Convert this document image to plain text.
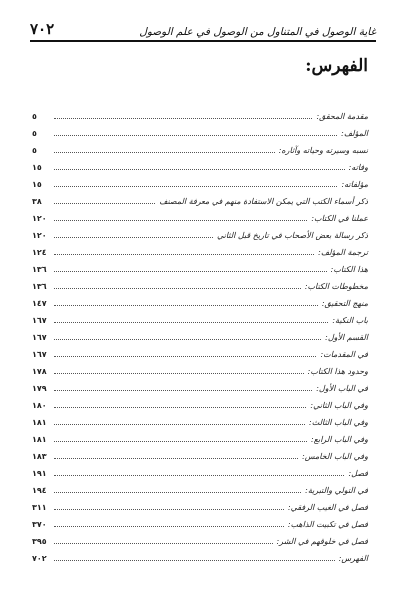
٧٠٢	غاية الوصول في المتناول من الوصول في علم الوصول
الفهرس:
مقدمة المحقق:
٥
المؤلف:
٥
نسبه وسيرته وحياته وآثاره:
٥
وفاته:
١٥
مؤلفاته:
١٥
ذكر أسماء الكتب التي يمكن الاستفادة منهم في معرفة المصنف
٣٨
عملنا في الكتاب:
١٢٠
ذكر رسالة بعض الأصحاب في تاريخ قبل الثاني
١٢٠
ترجمة المؤلف:
١٢٤
هذا الكتاب:
١٣٦
مخطوطات الكتاب:
١٣٦
منهج التحقيق:
١٤٧
باب النكية:
١٦٧
القسم الأول:
١٦٧
في المقدمات:
١٦٧
وحدود هذا الكتاب:
١٧٨
في الباب الأول:
١٧٩
وفي الباب الثاني:
١٨٠
وفي الباب الثالث:
١٨١
وفي الباب الرابع:
١٨١
وفي الباب الخامس:
١٨٣
فصل:
١٩١
في التولي والتبرية:
١٩٤
فصل في الغيب الرفقي:
٣١١
فصل في تكبيت الذاهب:
٣٧٠
فصل في خلوقهم في الشر:
٣٩٥
الفهرس:
٧٠٢
